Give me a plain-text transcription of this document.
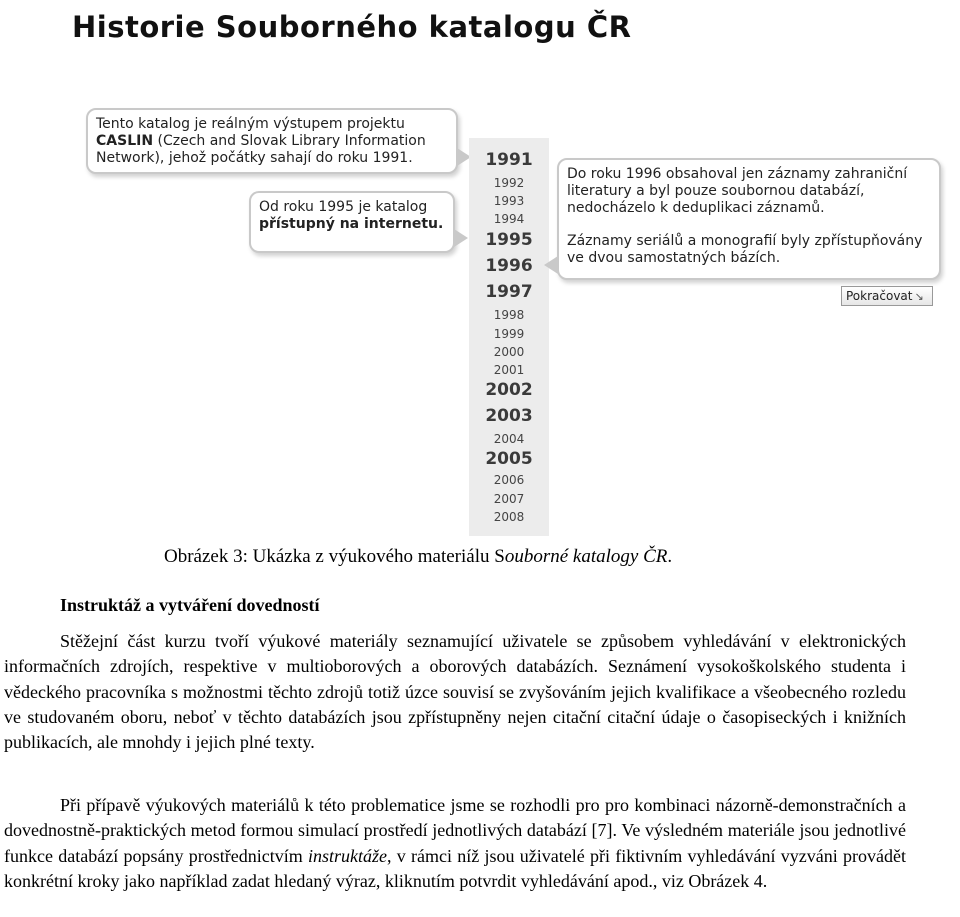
Historie Souborného katalogu ČR

Tento katalog je reálným výstupem projektu

CASLIN (Czech and Slovak Library Information

Network), jehož počátky sahají do roku 1991.

Od roku 1995 je katalog

přístupný na internetu.

1991
1992
1993
1994
1995
1996
1997
1998
1999
2000
2001
2002
2003
2004
2005
2006
2007
2008

Do roku 1996 obsahoval jen záznamy zahraniční literatury a byl pouze soubornou databází, nedocházelo k deduplikaci záznamů.

Záznamy seriálů a monografií byly zpřístupňovány ve dvou samostatných bázích.

Pokračovat ↘
Obrázek 3: Ukázka z výukového materiálu Souborné katalogy ČR.
Instruktáž a vytváření dovedností

Stěžejní část kurzu tvoří výukové materiály seznamující uživatele se způsobem vyhledávání v elektronických informačních zdrojích, respektive v multioborových a oborových databázích. Seznámení vysokoškolského studenta i vědeckého pracovníka s možnostmi těchto zdrojů totiž úzce souvisí se zvyšováním jejich kvalifikace a všeobecného rozledu ve studovaném oboru, neboť v těchto databázích jsou zpřístupněny nejen citační citační údaje o časopiseckých i knižních publikacích, ale mnohdy i jejich plné texty.

Při přípavě výukových materiálů k této problematice jsme se rozhodli pro pro kombinaci názorně-demonstračních a dovednostně-praktických metod formou simulací prostředí jednotlivých databází [7]. Ve výsledném materiále jsou jednotlivé funkce databází popsány prostřednictvím instruktáže, v rámci níž jsou uživatelé při fiktivním vyhledávání vyzváni provádět konkrétní kroky jako například zadat hledaný výraz, kliknutím potvrdit vyhledávání apod., viz Obrázek 4.
